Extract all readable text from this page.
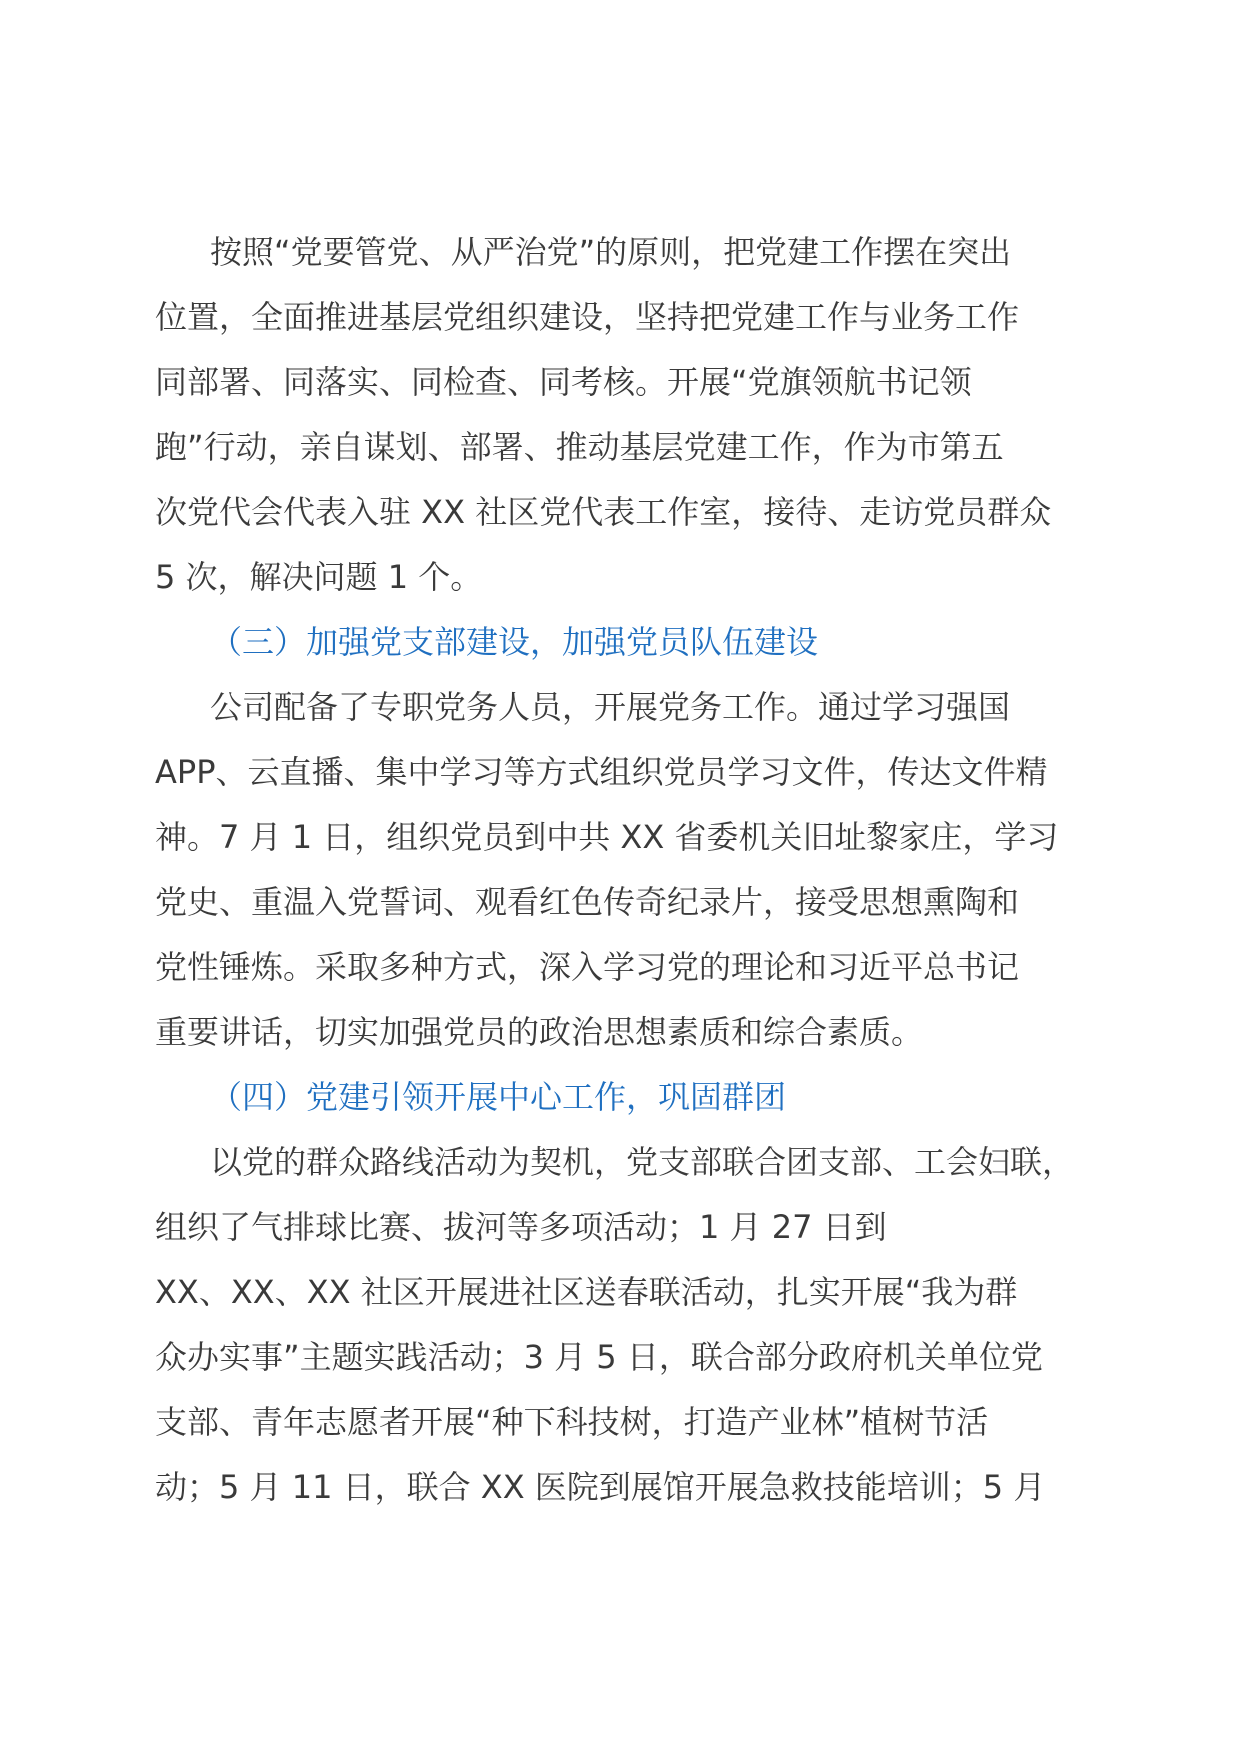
按照“党要管党、从严治党”的原则，把党建工作摆在突出
位置，全面推进基层党组织建设，坚持把党建工作与业务工作
同部署、同落实、同检查、同考核。开展“党旗领航书记领
跑”行动，亲自谋划、部署、推动基层党建工作，作为市第五
次党代会代表入驻 XX 社区党代表工作室，接待、走访党员群众
5 次，解决问题 1 个。
（三）加强党支部建设，加强党员队伍建设
公司配备了专职党务人员，开展党务工作。通过学习强国
APP、云直播、集中学习等方式组织党员学习文件，传达文件精
神。7 月 1 日，组织党员到中共 XX 省委机关旧址黎家庄，学习
党史、重温入党誓词、观看红色传奇纪录片，接受思想熏陶和
党性锤炼。采取多种方式，深入学习党的理论和习近平总书记
重要讲话，切实加强党员的政治思想素质和综合素质。
（四）党建引领开展中心工作，巩固群团
以党的群众路线活动为契机，党支部联合团支部、工会妇联，
组织了气排球比赛、拔河等多项活动；1 月 27 日到
XX、XX、XX 社区开展进社区送春联活动，扎实开展“我为群
众办实事”主题实践活动；3 月 5 日，联合部分政府机关单位党
支部、青年志愿者开展“种下科技树，打造产业林”植树节活
动；5 月 11 日，联合 XX 医院到展馆开展急救技能培训；5 月
